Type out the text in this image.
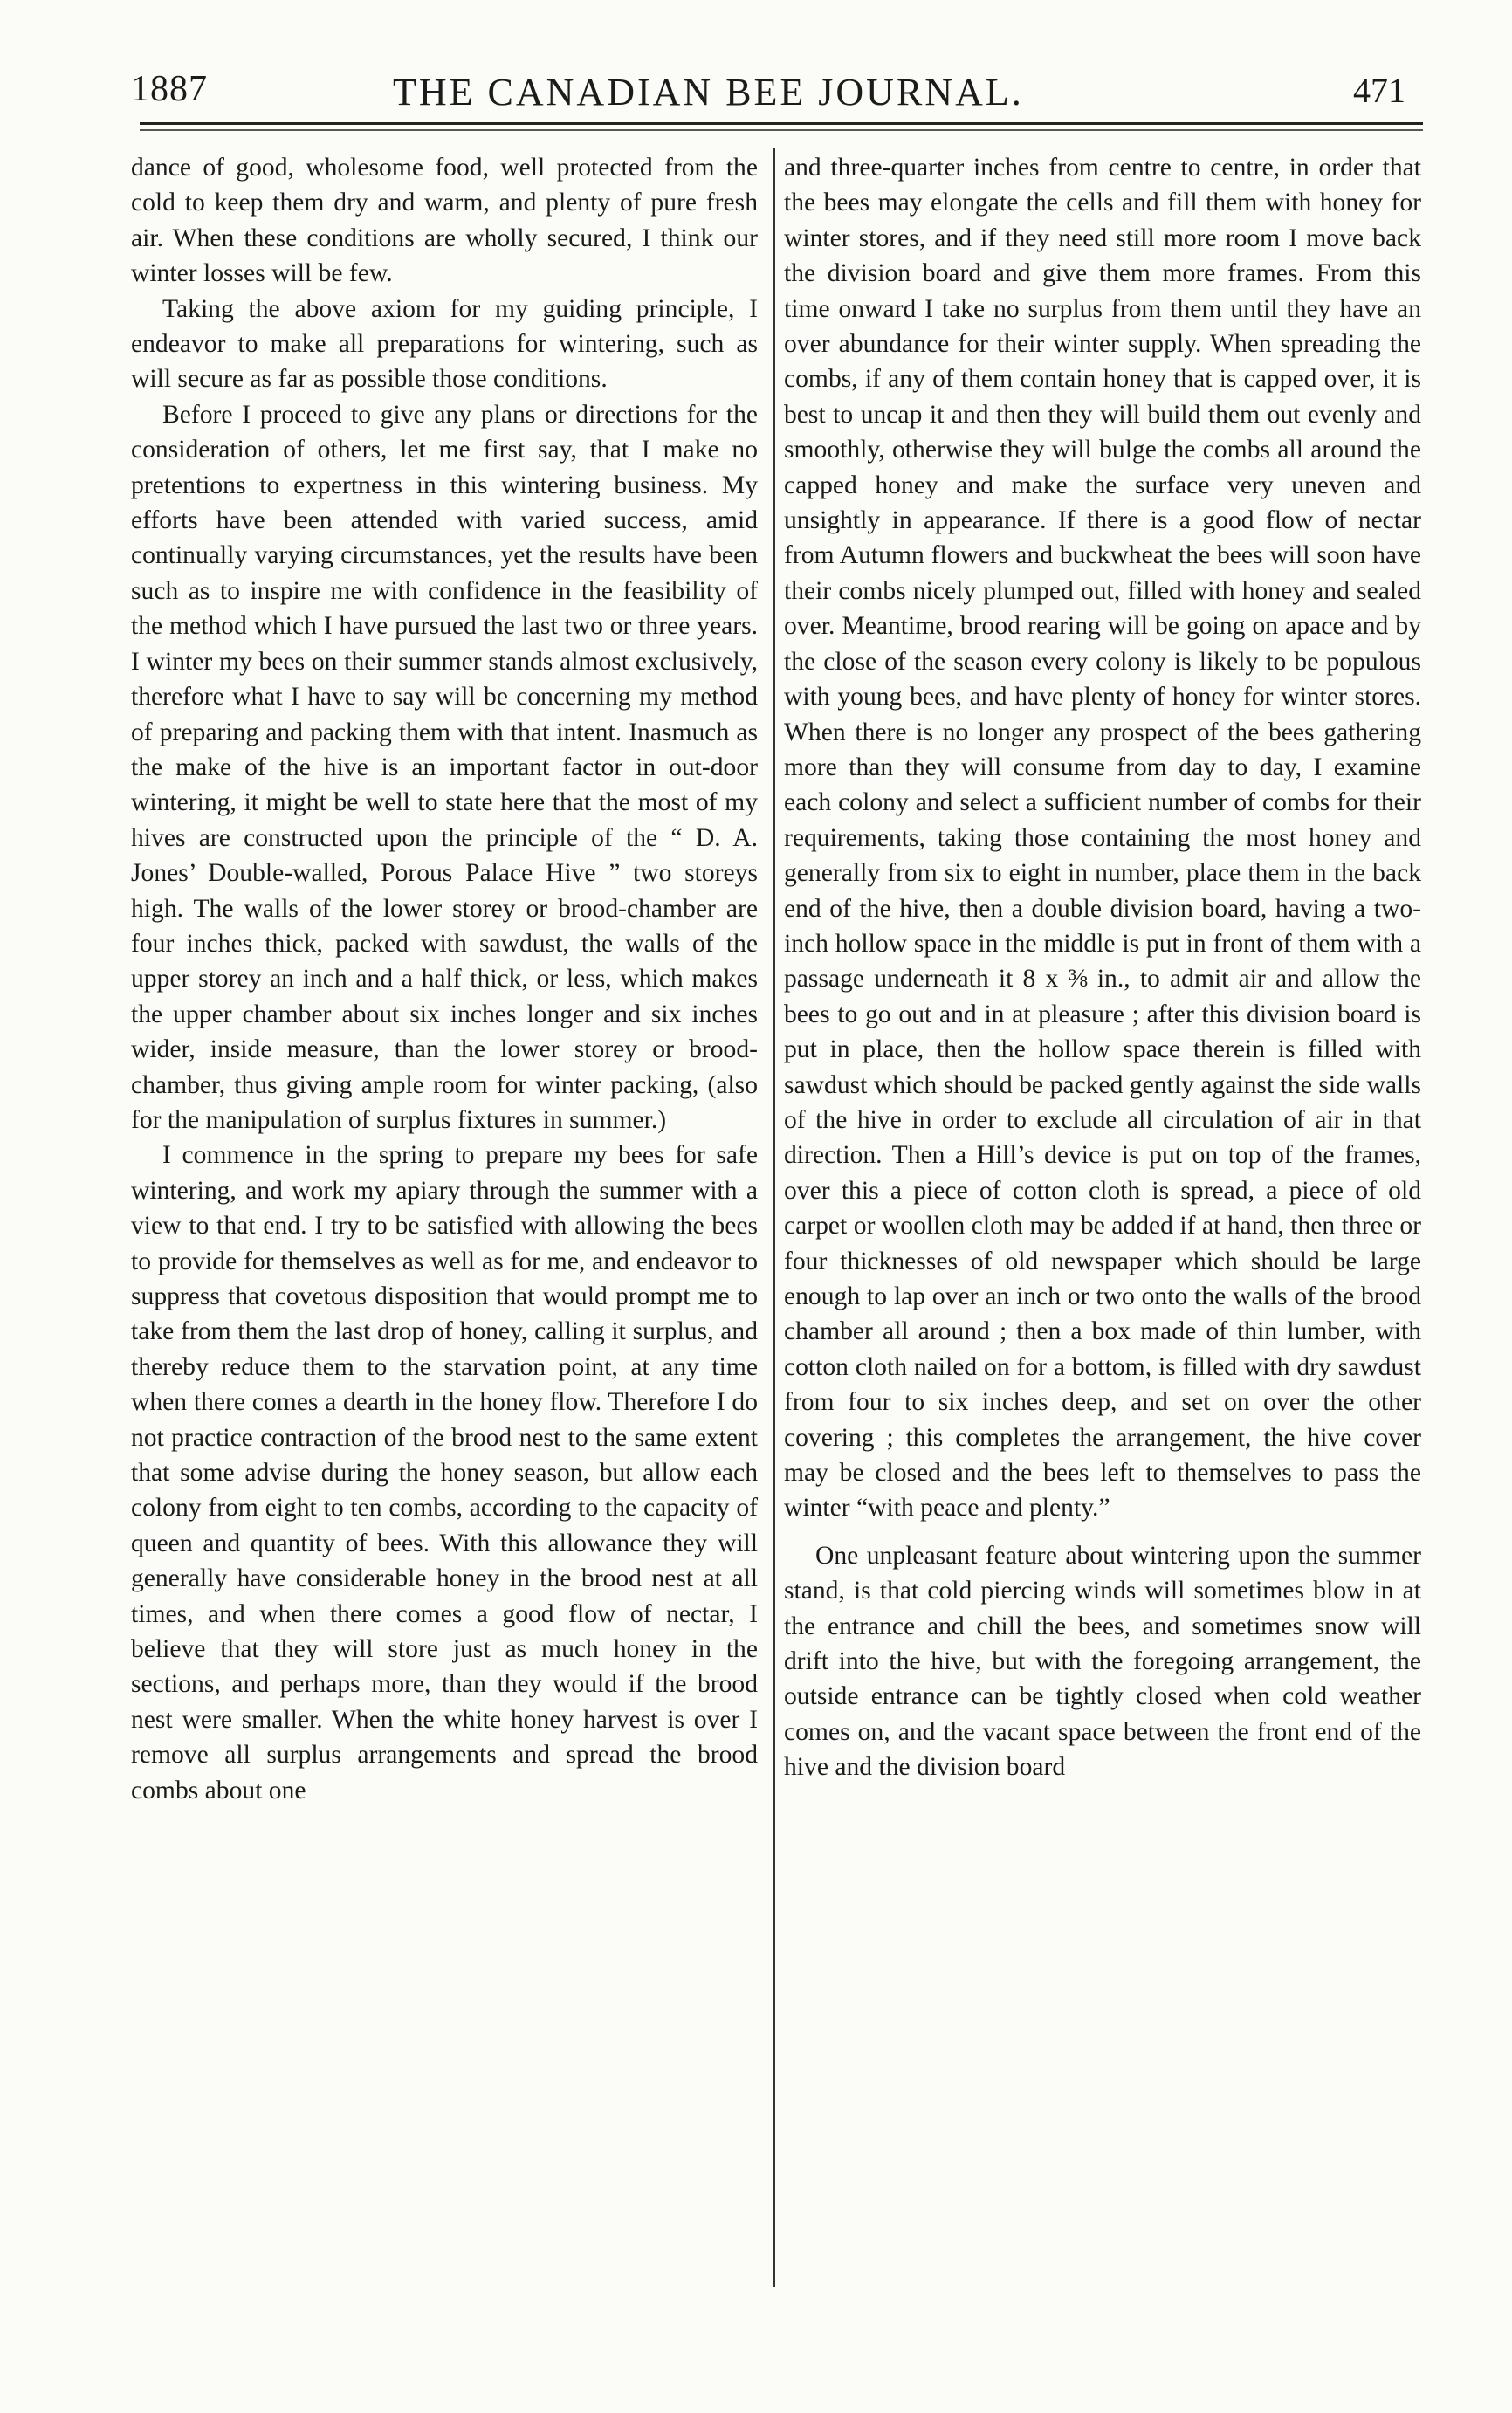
1887	THE CANADIAN BEE JOURNAL.	471

dance of good, wholesome food, well protected from the cold to keep them dry and warm, and plenty of pure fresh air. When these conditions are wholly secured, I think our winter losses will be few.

Taking the above axiom for my guiding principle, I endeavor to make all preparations for wintering, such as will secure as far as possible those conditions.

Before I proceed to give any plans or directions for the consideration of others, let me first say, that I make no pretentions to expertness in this wintering business. My efforts have been attended with varied success, amid continually varying circumstances, yet the results have been such as to inspire me with confidence in the feasibility of the method which I have pursued the last two or three years. I winter my bees on their summer stands almost exclusively, therefore what I have to say will be concerning my method of preparing and packing them with that intent. Inasmuch as the make of the hive is an important factor in out-door wintering, it might be well to state here that the most of my hives are constructed upon the principle of the “ D. A. Jones’ Double-walled, Porous Palace Hive ” two storeys high. The walls of the lower storey or brood-chamber are four inches thick, packed with sawdust, the walls of the upper storey an inch and a half thick, or less, which makes the upper chamber about six inches longer and six inches wider, inside measure, than the lower storey or brood-chamber, thus giving ample room for winter packing, (also for the manipulation of surplus fixtures in summer.)

I commence in the spring to prepare my bees for safe wintering, and work my apiary through the summer with a view to that end. I try to be satisfied with allowing the bees to provide for themselves as well as for me, and endeavor to suppress that covetous disposition that would prompt me to take from them the last drop of honey, calling it surplus, and thereby reduce them to the starvation point, at any time when there comes a dearth in the honey flow. Therefore I do not practice contraction of the brood nest to the same extent that some advise during the honey season, but allow each colony from eight to ten combs, according to the capacity of queen and quantity of bees. With this allowance they will generally have considerable honey in the brood nest at all times, and when there comes a good flow of nectar, I believe that they will store just as much honey in the sections, and perhaps more, than they would if the brood nest were smaller. When the white honey harvest is over I remove all surplus arrangements and spread the brood combs about one

and three-quarter inches from centre to centre, in order that the bees may elongate the cells and fill them with honey for winter stores, and if they need still more room I move back the division board and give them more frames. From this time onward I take no surplus from them until they have an over abundance for their winter supply. When spreading the combs, if any of them contain honey that is capped over, it is best to uncap it and then they will build them out evenly and smoothly, otherwise they will bulge the combs all around the capped honey and make the surface very uneven and unsightly in appearance. If there is a good flow of nectar from Autumn flowers and buckwheat the bees will soon have their combs nicely plumped out, filled with honey and sealed over. Meantime, brood rearing will be going on apace and by the close of the season every colony is likely to be populous with young bees, and have plenty of honey for winter stores. When there is no longer any prospect of the bees gathering more than they will consume from day to day, I examine each colony and select a sufficient number of combs for their requirements, taking those containing the most honey and generally from six to eight in number, place them in the back end of the hive, then a double division board, having a two-inch hollow space in the middle is put in front of them with a passage underneath it 8 x ⅜ in., to admit air and allow the bees to go out and in at pleasure ; after this division board is put in place, then the hollow space therein is filled with sawdust which should be packed gently against the side walls of the hive in order to exclude all circulation of air in that direction. Then a Hill’s device is put on top of the frames, over this a piece of cotton cloth is spread, a piece of old carpet or woollen cloth may be added if at hand, then three or four thicknesses of old newspaper which should be large enough to lap over an inch or two onto the walls of the brood chamber all around ; then a box made of thin lumber, with cotton cloth nailed on for a bottom, is filled with dry sawdust from four to six inches deep, and set on over the other covering ; this completes the arrangement, the hive cover may be closed and the bees left to themselves to pass the winter “with peace and plenty.”

One unpleasant feature about wintering upon the summer stand, is that cold piercing winds will sometimes blow in at the entrance and chill the bees, and sometimes snow will drift into the hive, but with the foregoing arrangement, the outside entrance can be tightly closed when cold weather comes on, and the vacant space between the front end of the hive and the division board
